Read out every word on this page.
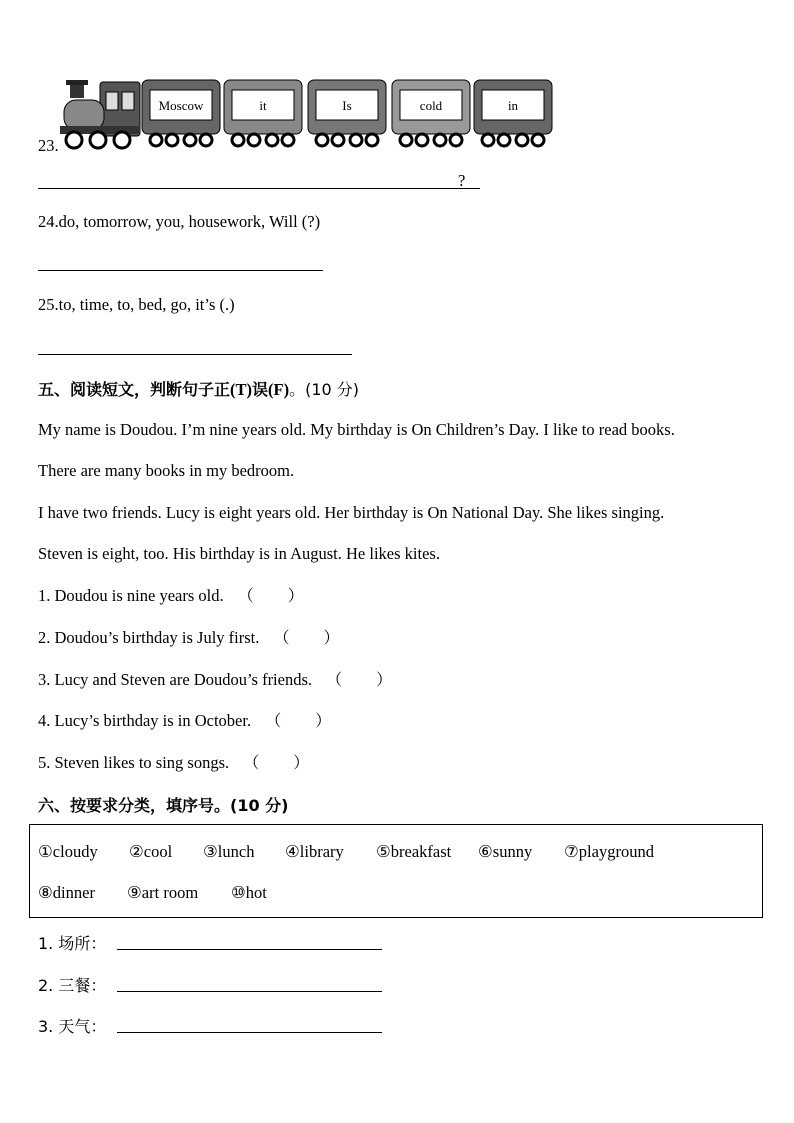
Moscow	it	Is	cold	in
23.
?
24.do, tomorrow, you, housework, Will (?)
25.to, time, to, bed, go, it’s (.)
五、阅读短文，判断句子正(T)误(F)。(10 分)
My name is Doudou. I’m nine years old. My birthday is On Children’s Day. I like to read books.
There are many books in my bedroom.
I have two friends. Lucy is eight years old. Her birthday is On National Day. She likes singing.
Steven is eight, too. His birthday is in August. He likes kites.
1. Doudou is nine years old. （ ）
2. Doudou’s birthday is July first. （ ）
3. Lucy and Steven are Doudou’s friends. （ ）
4. Lucy’s birthday is in October. （ ）
5. Steven likes to sing songs. （ ）
六、按要求分类，填序号。(10 分)
①cloudy ②cool ③lunch ④library ⑤breakfast ⑥sunny ⑦playground
⑧dinner ⑨art room ⑩hot
1. 场所：
2. 三餐：
3. 天气：
